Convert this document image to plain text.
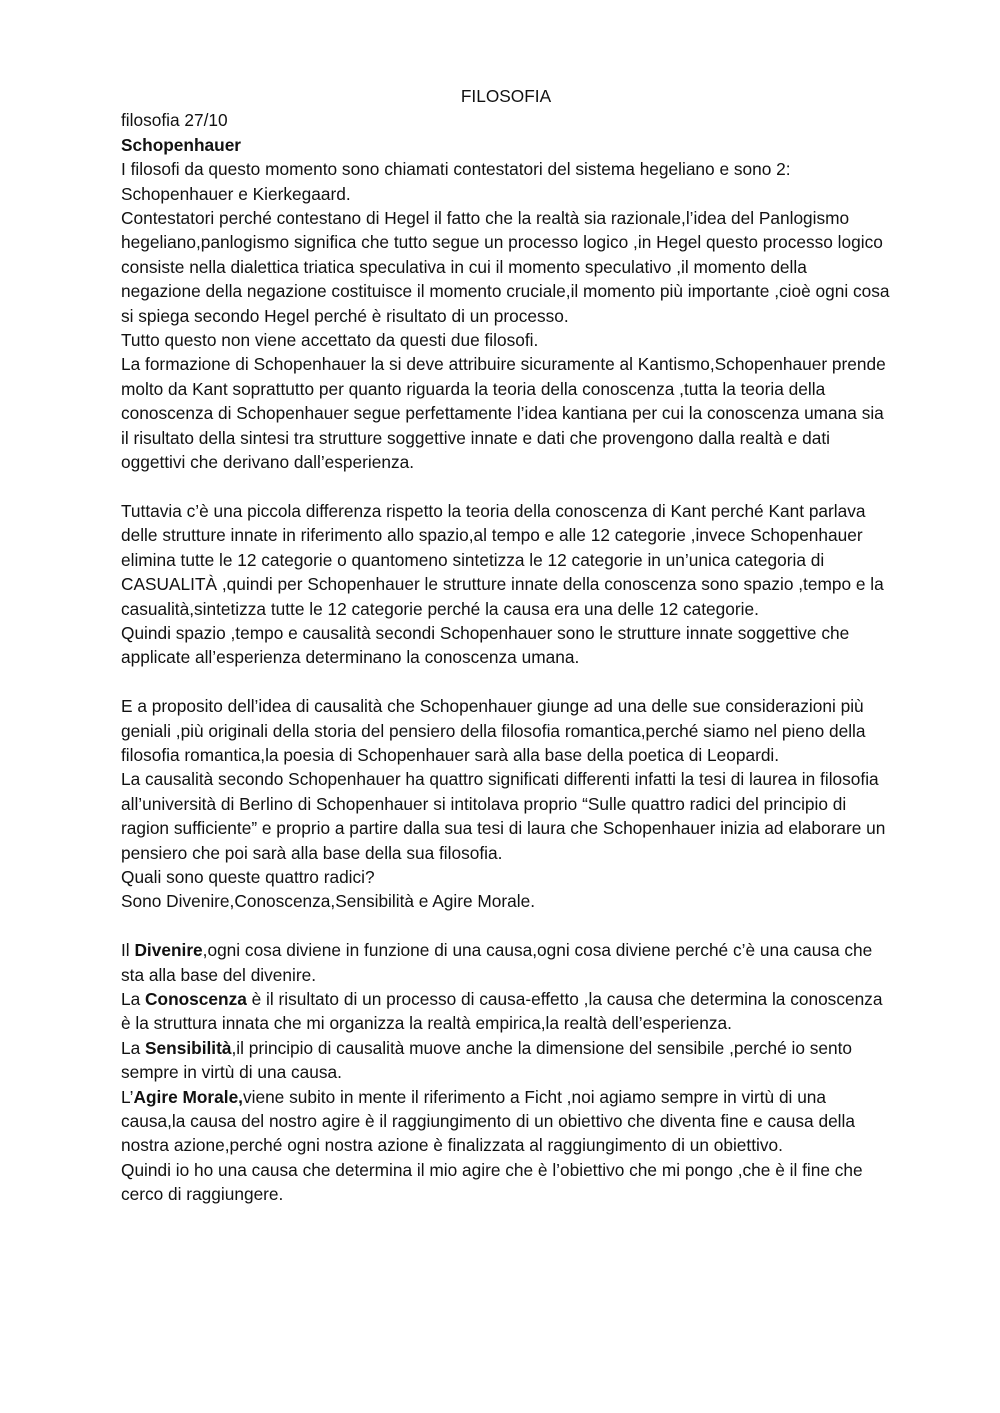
FILOSOFIA

filosofia 27/10

Schopenhauer

I filosofi da questo momento sono chiamati contestatori del sistema hegeliano e sono 2: Schopenhauer e Kierkegaard.

Contestatori perché contestano di Hegel il fatto che la realtà sia razionale,l’idea del Panlogismo hegeliano,panlogismo significa che tutto segue un processo logico ,in Hegel questo processo logico consiste nella dialettica triatica speculativa in cui il momento speculativo ,il momento della negazione della negazione costituisce il momento cruciale,il momento più importante ,cioè ogni cosa si spiega secondo Hegel perché è risultato di un processo.

Tutto questo non viene accettato da questi due filosofi.

La formazione di Schopenhauer la si deve attribuire sicuramente al Kantismo,Schopenhauer prende molto da Kant soprattutto per quanto riguarda la teoria della conoscenza ,tutta la teoria della conoscenza di Schopenhauer segue perfettamente l’idea kantiana per cui la conoscenza umana sia il risultato della sintesi tra strutture soggettive innate e dati che provengono dalla realtà e dati oggettivi che derivano dall’esperienza.

Tuttavia c’è una piccola differenza rispetto la teoria della conoscenza di Kant perché Kant parlava delle strutture innate in riferimento allo spazio,al tempo e alle 12 categorie ,invece Schopenhauer elimina tutte le 12 categorie o quantomeno sintetizza le 12 categorie in un’unica categoria di CASUALITÀ ,quindi per Schopenhauer le strutture innate della conoscenza sono spazio ,tempo e la casualità,sintetizza tutte le 12 categorie perché la causa era una delle 12 categorie.

Quindi spazio ,tempo e causalità secondi Schopenhauer sono le strutture innate soggettive che applicate all’esperienza determinano la conoscenza umana.

E a proposito dell’idea di causalità che Schopenhauer giunge ad una delle sue considerazioni più geniali ,più originali della storia del pensiero della filosofia romantica,perché siamo nel pieno della filosofia romantica,la poesia di Schopenhauer sarà alla base della poetica di Leopardi.

La causalità secondo Schopenhauer ha quattro significati differenti infatti la tesi di laurea in filosofia all’università di Berlino di Schopenhauer si intitolava proprio “Sulle quattro radici del principio di ragion sufficiente” e proprio a partire dalla sua tesi di laura che Schopenhauer inizia ad elaborare un pensiero che poi sarà alla base della sua filosofia.

Quali sono queste quattro radici?

Sono Divenire,Conoscenza,Sensibilità e Agire Morale.

Il Divenire,ogni cosa diviene in funzione di una causa,ogni cosa diviene perché c’è una causa che sta alla base del divenire.

La Conoscenza è il risultato di un processo di causa-effetto ,la causa che determina la conoscenza è la struttura innata che mi organizza la realtà empirica,la realtà dell’esperienza.

La Sensibilità,il principio di causalità muove anche la dimensione del sensibile ,perché io sento sempre in virtù di una causa.

L’Agire Morale,viene subito in mente il riferimento a Ficht ,noi agiamo sempre in virtù di una causa,la causa del nostro agire è il raggiungimento di un obiettivo che diventa fine e causa della nostra azione,perché ogni nostra azione è finalizzata al raggiungimento di un obiettivo.

Quindi io ho una causa che determina il mio agire che è l’obiettivo che mi pongo ,che è il fine che cerco di raggiungere.
